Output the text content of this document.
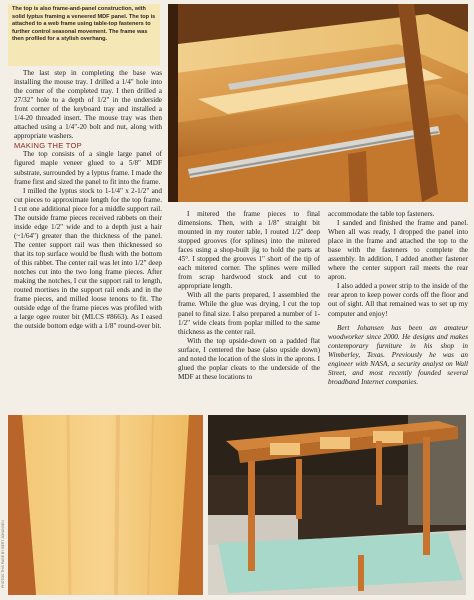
The top is also frame-and-panel construction, with solid lyptus framing a veneered MDF panel. The top is attached to a web frame using table-top fasteners to further control seasonal movement. The frame was then profiled for a stylish overhang.

The last step in completing the base was installing the mouse tray. I drilled a 1/4" hole into the corner of the completed tray. I then drilled a 27/32" hole to a depth of 1/2" in the underside front corner of the keyboard tray and installed a 1/4-20 threaded insert. The mouse tray was then attached using a 1/4"-20 bolt and nut, along with appropriate washers.

MAKING THE TOP

The top consists of a single large panel of figured maple veneer glued to a 5/8" MDF substrate, surrounded by a lyptus frame. I made the frame first and sized the panel to fit into the frame.

I milled the lyptus stock to 1-1/4" x 2-1/2" and cut pieces to approximate length for the top frame. I cut one additional piece for a middle support rail. The outside frame pieces received rabbets on their inside edge 1/2" wide and to a depth just a hair (~1/64") greater than the thickness of the panel. The center support rail was then thicknessed so that its top surface would be flush with the bottom of this rabbet. The center rail was let into 1/2" deep notches cut into the two long frame pieces. After making the notches, I cut the support rail to length, routed mortises in the support rail ends and in the frame pieces, and milled loose tenons to fit. The outside edge of the frame pieces was profiled with a large ogee router bit (MLCS #8663). As I eased the outside bottom edge with a 1/8" round-over bit.

I mitered the frame pieces to final dimensions. Then, with a 1/8" straight bit mounted in my router table, I routed 1/2" deep stopped grooves (for splines) into the mitered faces using a shop-built jig to hold the parts at 45°. I stopped the grooves 1" short of the tip of each mitered corner. The splines were milled from scrap hardwood stock and cut to appropriate length.

With all the parts prepared, I assembled the frame. While the glue was drying, I cut the top panel to final size. I also prepared a number of 1-1/2" wide cleats from poplar milled to the same thickness as the center rail.

With the top upside-down on a padded flat surface, I centered the base (also upside down) and noted the location of the slots in the aprons. I glued the poplar cleats to the underside of the MDF at these locations to

accommodate the table top fasteners.

I sanded and finished the frame and panel. When all was ready, I dropped the panel into place in the frame and attached the top to the base with the fasteners to complete the assembly. In addition, I added another fastener where the center support rail meets the rear apron.

I also added a power strip to the inside of the rear apron to keep power cords off the floor and out of sight. All that remained was to set up my computer and enjoy!

Bert Johansen has been an amateur woodworker since 2000. He designs and makes contemporary furniture in his shop in Wimberley, Texas. Previously he was an engineer with NASA, a security analyst on Wall Street, and most recently founded several broadband Internet companies.

PHOTOS THIS PAGE BY BERT JOHANSEN
